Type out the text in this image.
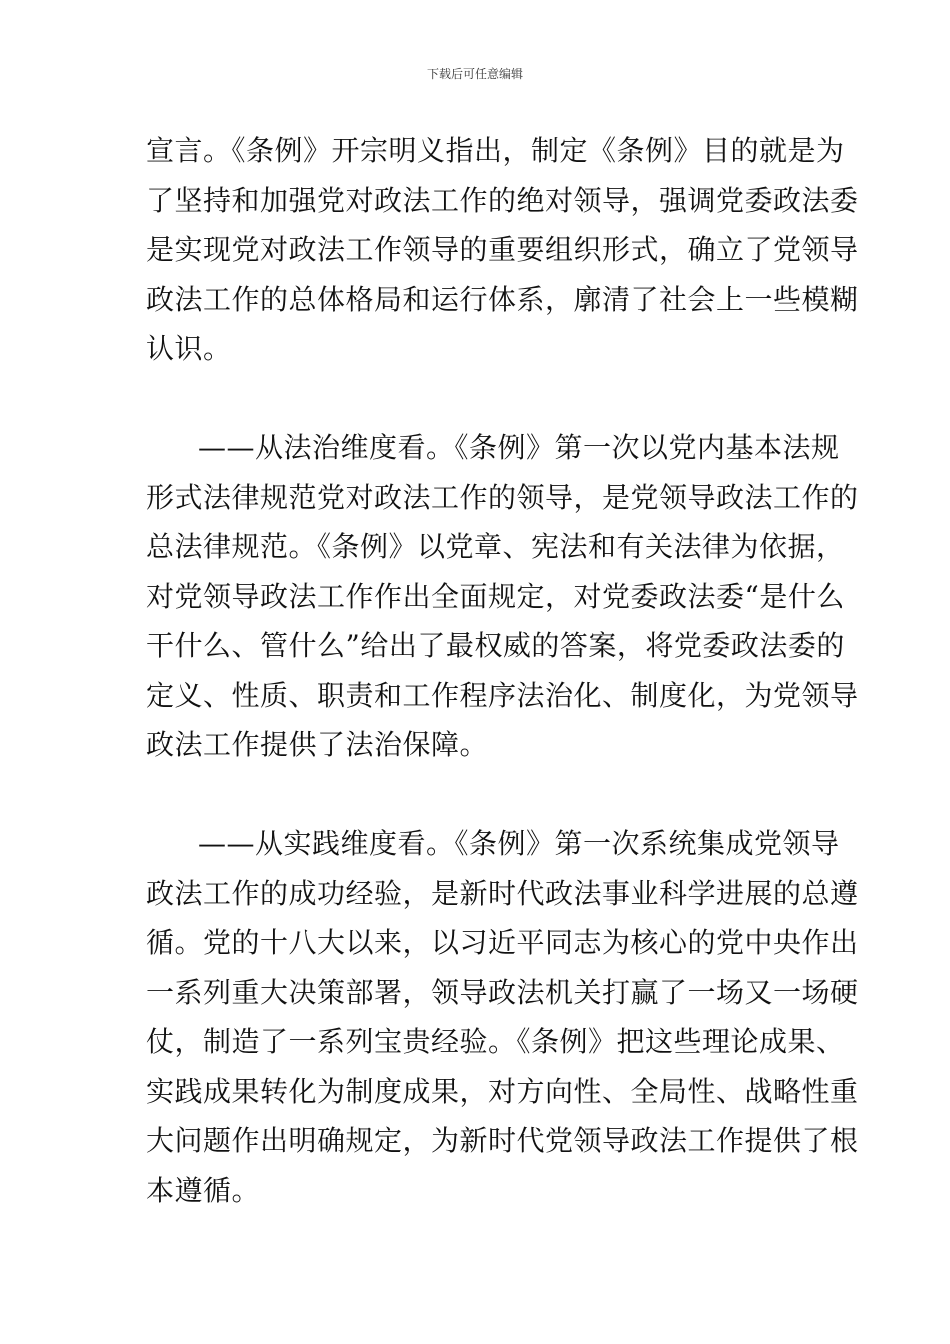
下载后可任意编辑
宣言。《条例》开宗明义指出，制定《条例》目的就是为
了坚持和加强党对政法工作的绝对领导，强调党委政法委
是实现党对政法工作领导的重要组织形式，确立了党领导
政法工作的总体格局和运行体系，廓清了社会上一些模糊
认识。
——从法治维度看。《条例》第一次以党内基本法规
形式法律规范党对政法工作的领导，是党领导政法工作的
总法律规范。《条例》以党章、宪法和有关法律为依据，
对党领导政法工作作出全面规定，对党委政法委“是什么
干什么、管什么”给出了最权威的答案，将党委政法委的
定义、性质、职责和工作程序法治化、制度化，为党领导
政法工作提供了法治保障。
——从实践维度看。《条例》第一次系统集成党领导
政法工作的成功经验，是新时代政法事业科学进展的总遵
循。党的十八大以来，以习近平同志为核心的党中央作出
一系列重大决策部署，领导政法机关打赢了一场又一场硬
仗，制造了一系列宝贵经验。《条例》把这些理论成果、
实践成果转化为制度成果，对方向性、全局性、战略性重
大问题作出明确规定，为新时代党领导政法工作提供了根
本遵循。
